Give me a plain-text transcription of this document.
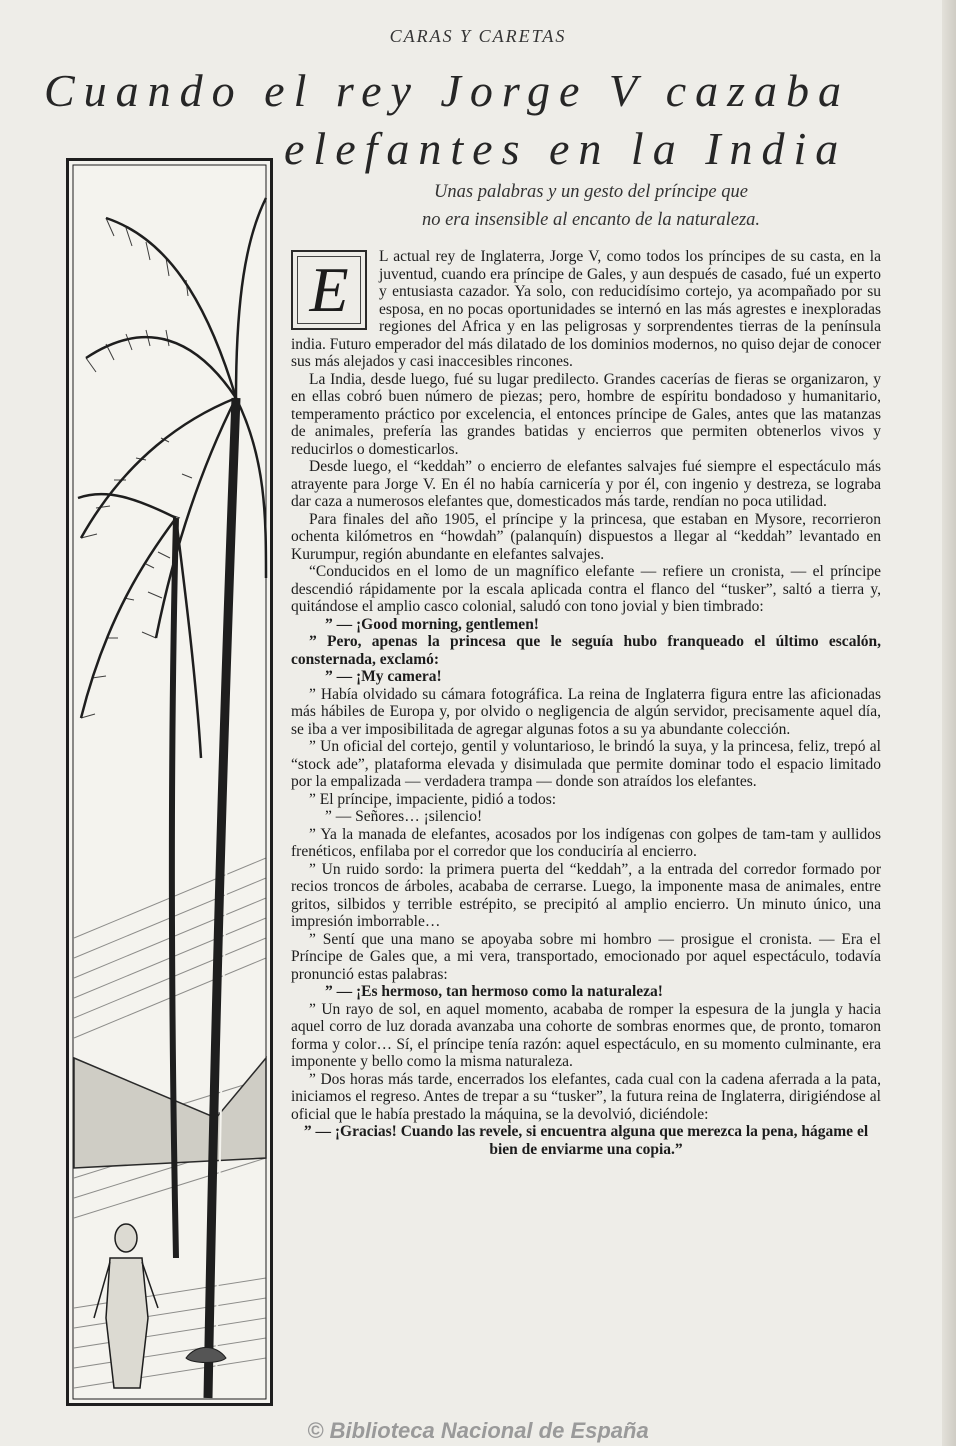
CARAS Y CARETAS
Cuando el rey Jorge V cazaba
elefantes en la India
Unas palabras y un gesto del príncipe que
no era insensible al encanto de la naturaleza.
E	L actual rey de Inglaterra, Jorge V, como todos los príncipes de su casta, en la juventud, cuando era príncipe de Gales, y aun después de casado, fué un experto y entusiasta cazador. Ya solo, con reducidísimo cortejo, ya acompañado por su esposa, en no pocas oportunidades se internó en las más agrestes e inexploradas regiones del Africa y en las peligrosas y sorprendentes tierras de la península india. Futuro emperador del más dilatado de los dominios modernos, no quiso dejar de conocer sus más alejados y casi inaccesibles rincones.

La India, desde luego, fué su lugar predilecto. Grandes cacerías de fieras se organizaron, y en ellas cobró buen número de piezas; pero, hombre de espíritu bondadoso y humanitario, temperamento práctico por excelencia, el entonces príncipe de Gales, antes que las matanzas de animales, prefería las grandes batidas y encierros que permiten obtenerlos vivos y reducirlos o domesticarlos.

Desde luego, el “keddah” o encierro de elefantes salvajes fué siempre el espectáculo más atrayente para Jorge V. En él no había carnicería y por él, con ingenio y destreza, se lograba dar caza a numerosos elefantes que, domesticados más tarde, rendían no poca utilidad.

Para finales del año 1905, el príncipe y la princesa, que estaban en Mysore, recorrieron ochenta kilómetros en “howdah” (palanquín) dispuestos a llegar al “keddah” levantado en Kurumpur, región abundante en elefantes salvajes.

“Conducidos en el lomo de un magnífico elefante — refiere un cronista, — el príncipe descendió rápidamente por la escala aplicada contra el flanco del “tusker”, saltó a tierra y, quitándose el amplio casco colonial, saludó con tono jovial y bien timbrado:

” — ¡Good morning, gentlemen!

” Pero, apenas la princesa que le seguía hubo franqueado el último escalón, consternada, exclamó:

” — ¡My camera!

” Había olvidado su cámara fotográfica. La reina de Inglaterra figura entre las aficionadas más hábiles de Europa y, por olvido o negligencia de algún servidor, precisamente aquel día, se iba a ver imposibilitada de agregar algunas fotos a su ya abundante colección.

” Un oficial del cortejo, gentil y voluntarioso, le brindó la suya, y la princesa, feliz, trepó al “stock ade”, plataforma elevada y disimulada que permite dominar todo el espacio limitado por la empalizada — verdadera trampa — donde son atraídos los elefantes.

” El príncipe, impaciente, pidió a todos:

” — Señores… ¡silencio!

” Ya la manada de elefantes, acosados por los indígenas con golpes de tam-tam y aullidos frenéticos, enfilaba por el corredor que los conduciría al encierro.

” Un ruido sordo: la primera puerta del “keddah”, a la entrada del corredor formado por recios troncos de árboles, acababa de cerrarse. Luego, la imponente masa de animales, entre gritos, silbidos y terrible estrépito, se precipitó al amplio encierro. Un minuto único, una impresión imborrable…

” Sentí que una mano se apoyaba sobre mi hombro — prosigue el cronista. — Era el Príncipe de Gales que, a mi vera, transportado, emocionado por aquel espectáculo, todavía pronunció estas palabras:

” — ¡Es hermoso, tan hermoso como la naturaleza!

” Un rayo de sol, en aquel momento, acababa de romper la espesura de la jungla y hacia aquel corro de luz dorada avanzaba una cohorte de sombras enormes que, de pronto, tomaron forma y color… Sí, el príncipe tenía razón: aquel espectáculo, en su momento culminante, era imponente y bello como la misma naturaleza.

” Dos horas más tarde, encerrados los elefantes, cada cual con la cadena aferrada a la pata, iniciamos el regreso. Antes de trepar a su “tusker”, la futura reina de Inglaterra, dirigiéndose al oficial que le había prestado la máquina, se la devolvió, diciéndole:

” — ¡Gracias! Cuando las revele, si encuentra alguna que merezca la pena, hágame el bien de enviarme una copia.”

© Biblioteca Nacional de España
